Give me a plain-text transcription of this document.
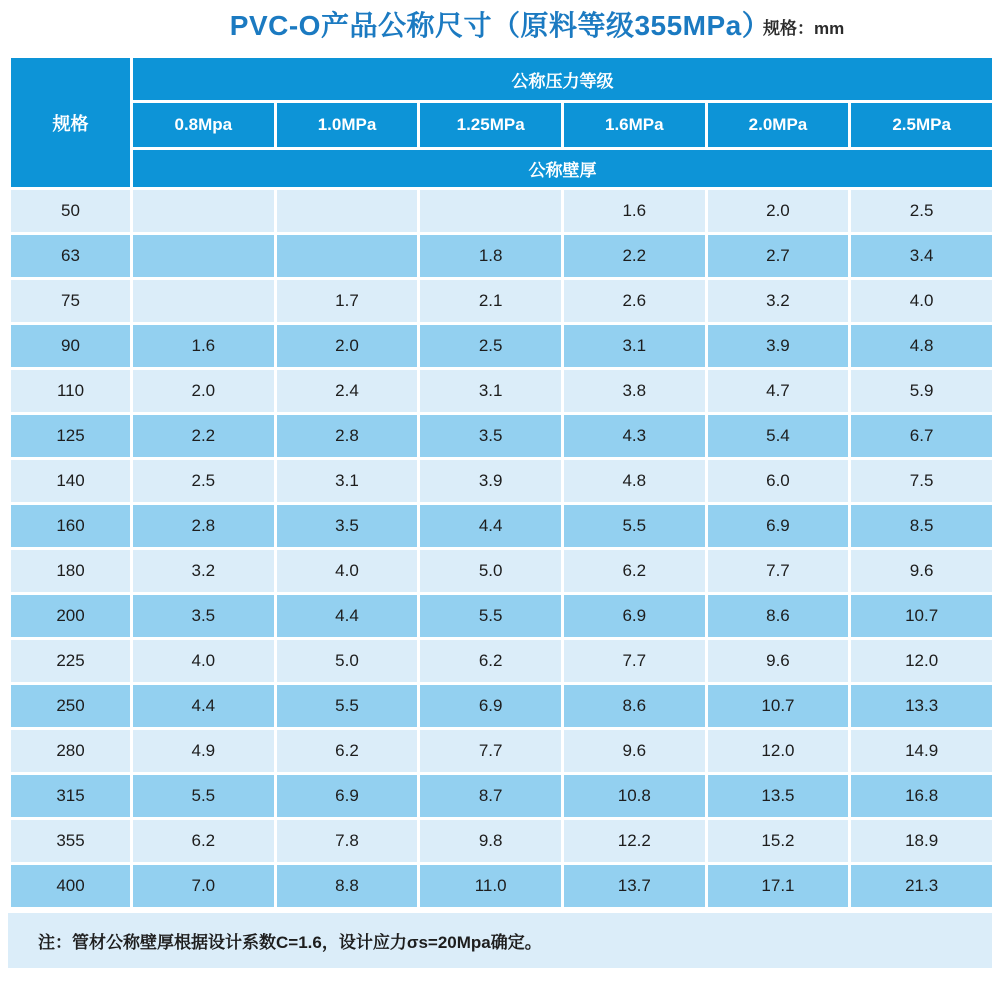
PVC-O产品公称尺寸（原料等级355MPa）
规格：mm
规格	公称压力等级					
	0.8Mpa	1.0MPa	1.25MPa	1.6MPa	2.0MPa	2.5MPa
	公称壁厚					
50				1.6	2.0	2.5
63			1.8	2.2	2.7	3.4
75		1.7	2.1	2.6	3.2	4.0
90	1.6	2.0	2.5	3.1	3.9	4.8
110	2.0	2.4	3.1	3.8	4.7	5.9
125	2.2	2.8	3.5	4.3	5.4	6.7
140	2.5	3.1	3.9	4.8	6.0	7.5
160	2.8	3.5	4.4	5.5	6.9	8.5
180	3.2	4.0	5.0	6.2	7.7	9.6
200	3.5	4.4	5.5	6.9	8.6	10.7
225	4.0	5.0	6.2	7.7	9.6	12.0
250	4.4	5.5	6.9	8.6	10.7	13.3
280	4.9	6.2	7.7	9.6	12.0	14.9
315	5.5	6.9	8.7	10.8	13.5	16.8
355	6.2	7.8	9.8	12.2	15.2	18.9
400	7.0	8.8	11.0	13.7	17.1	21.3
注：管材公称壁厚根据设计系数C=1.6，设计应力σs=20Mpa确定。
